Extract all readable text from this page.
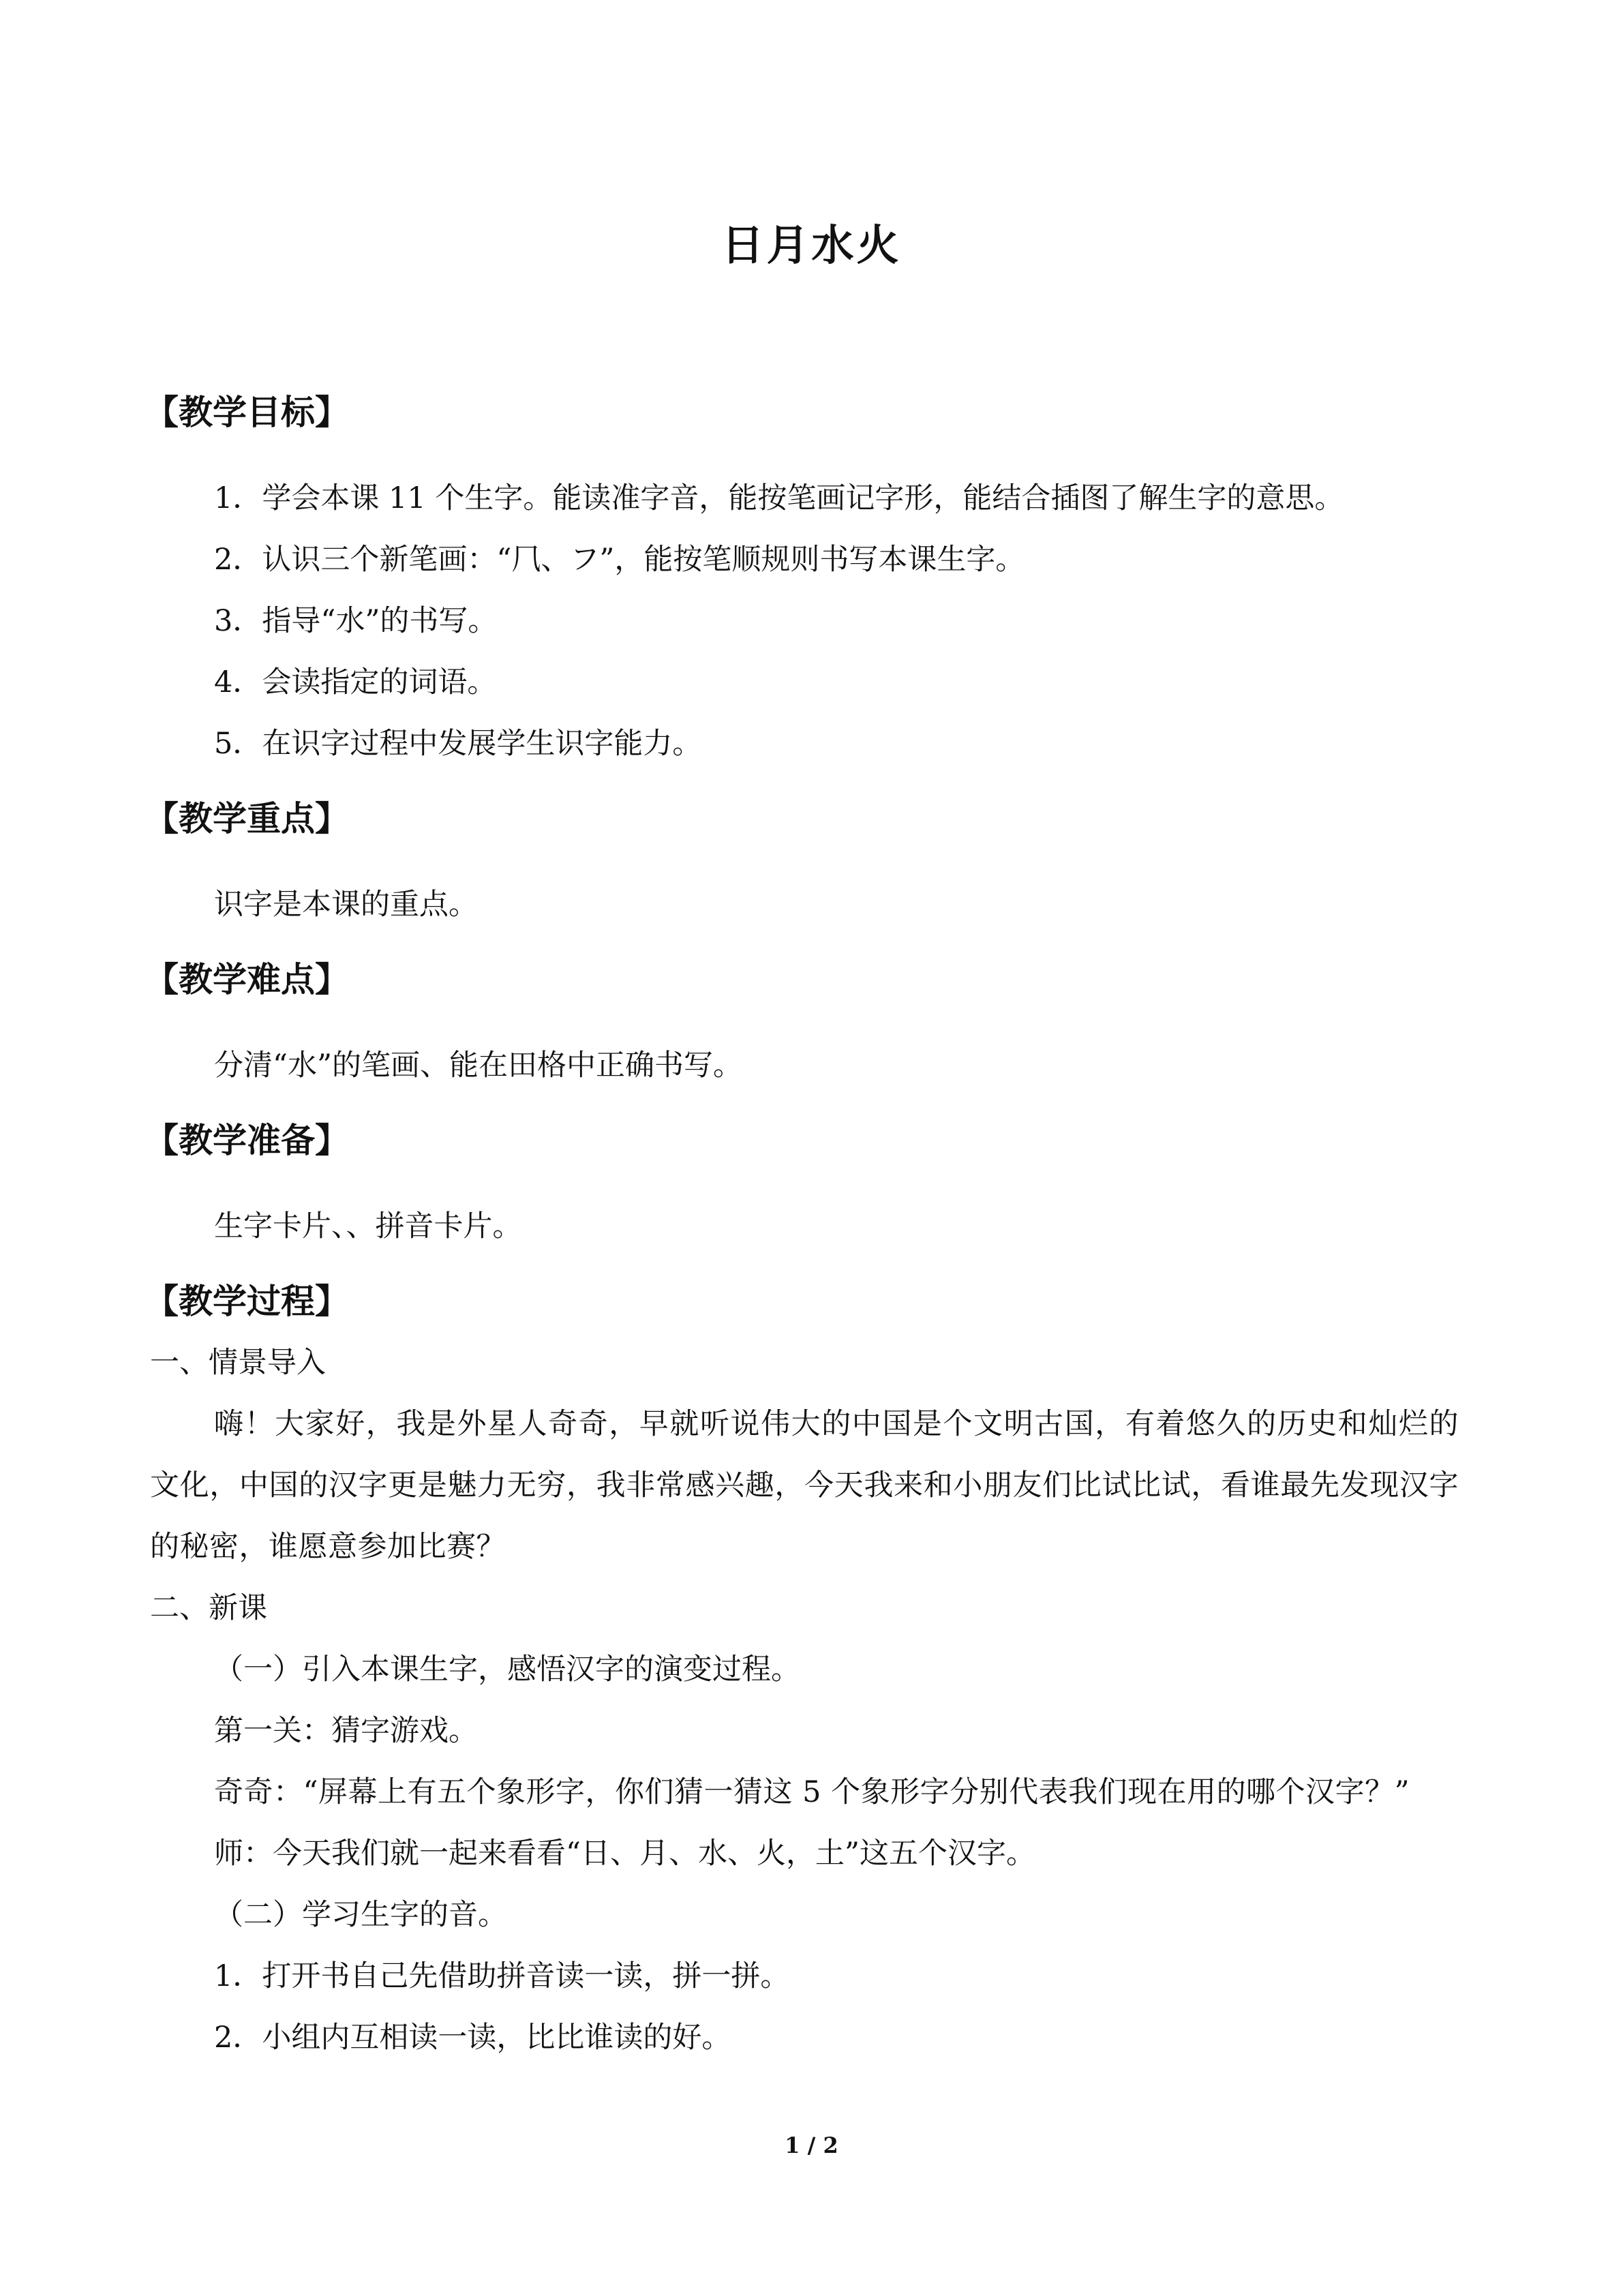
日月水火
【教学目标】
1．学会本课 11 个生字。能读准字音，能按笔画记字形，能结合插图了解生字的意思。
2．认识三个新笔画：“⺇、フ”，能按笔顺规则书写本课生字。
3．指导“水”的书写。
4．会读指定的词语。
5．在识字过程中发展学生识字能力。
【教学重点】
识字是本课的重点。
【教学难点】
分清“水”的笔画、能在田格中正确书写。
【教学准备】
生字卡片、、拼音卡片。
【教学过程】
一、情景导入
嗨！大家好，我是外星人奇奇，早就听说伟大的中国是个文明古国，有着悠久的历史和灿烂的文化，中国的汉字更是魅力无穷，我非常感兴趣，今天我来和小朋友们比试比试，看谁最先发现汉字的秘密，谁愿意参加比赛？
二、新课
（一）引入本课生字，感悟汉字的演变过程。
第一关：猜字游戏。
奇奇：“屏幕上有五个象形字，你们猜一猜这 5 个象形字分别代表我们现在用的哪个汉字？”
师：今天我们就一起来看看“日、月、水、火，土”这五个汉字。
（二）学习生字的音。
1．打开书自己先借助拼音读一读，拼一拼。
2．小组内互相读一读，比比谁读的好。
1 / 2
